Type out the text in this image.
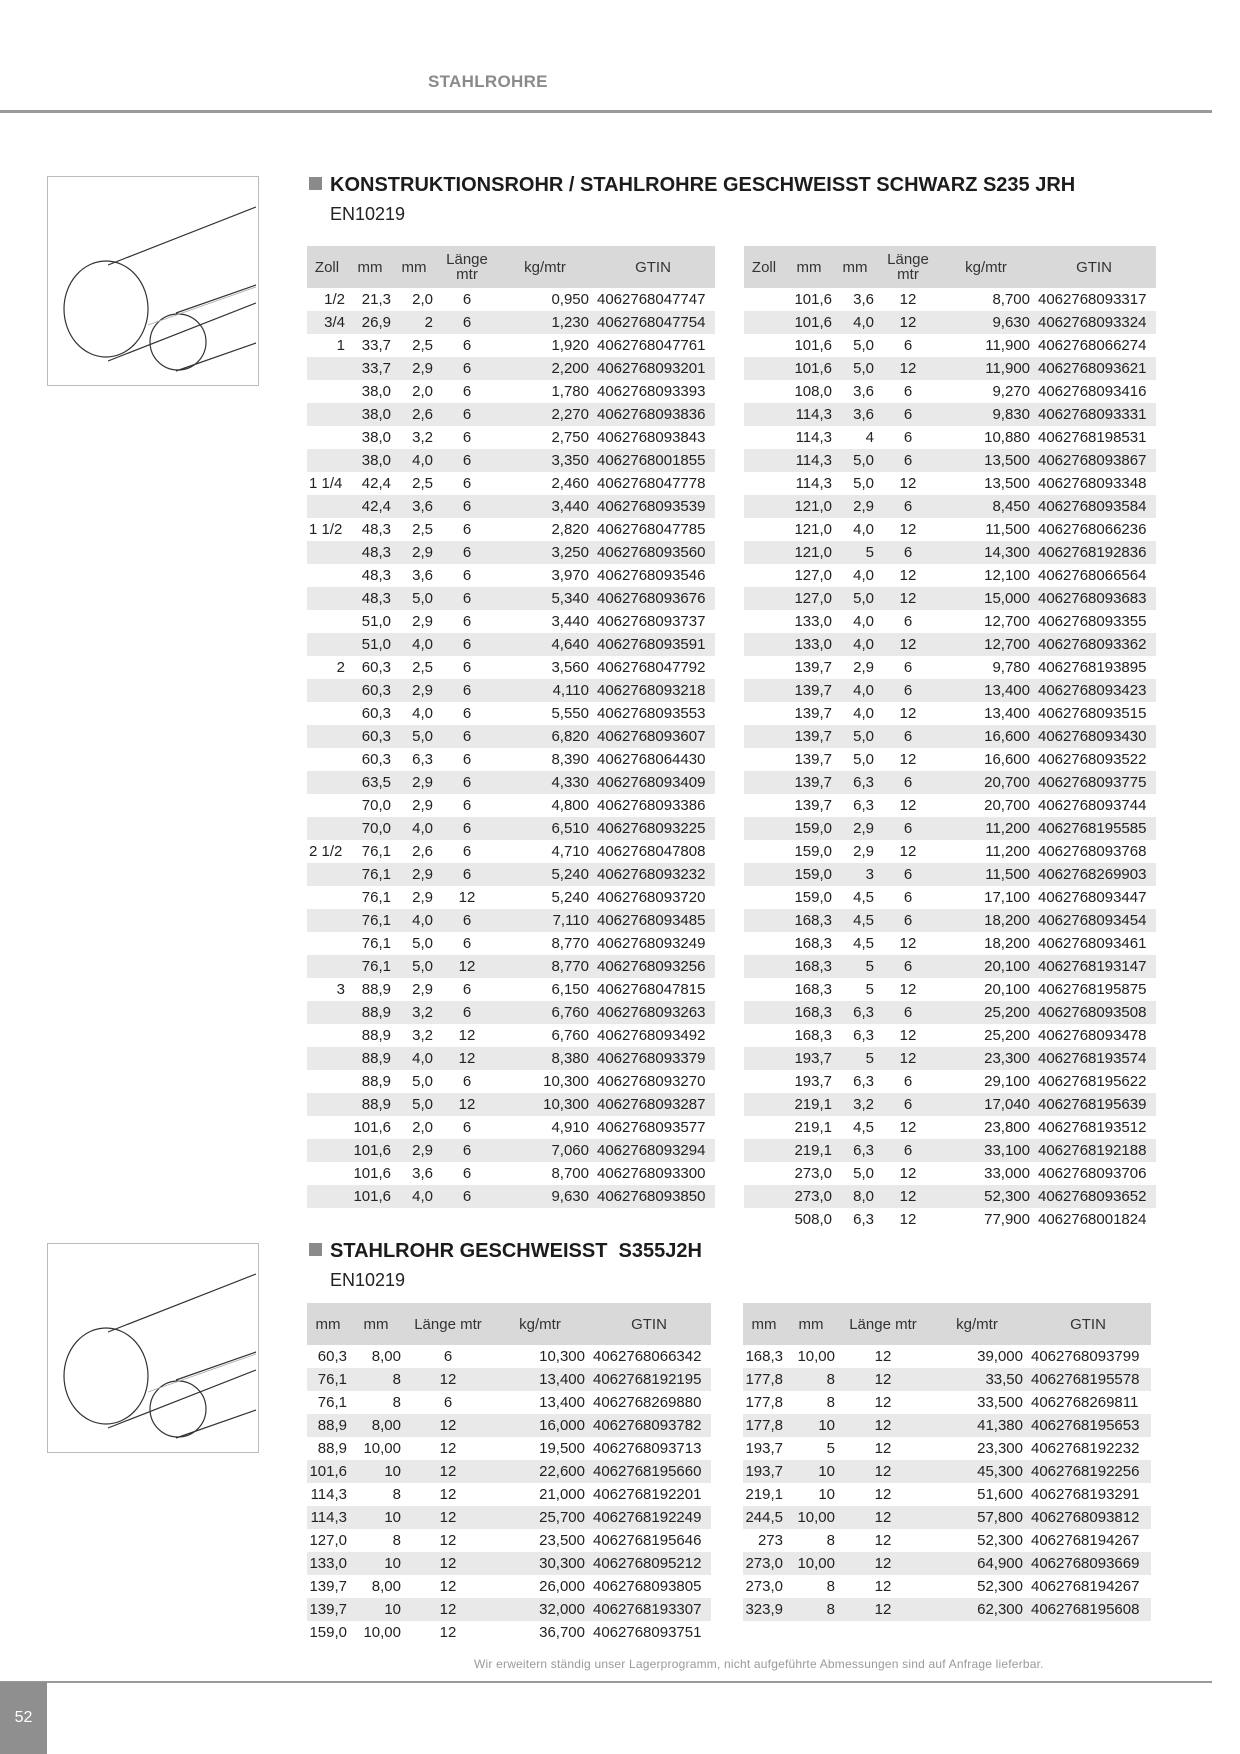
STAHLROHRE
KONSTRUKTIONSROHR / STAHLROHRE GESCHWEISST SCHWARZ S235 JRH
EN10219
Zoll	mm	mm	Länge mtr	kg/mtr	GTIN
1/2	21,3	2,0	6	0,950	4062768047747
3/4	26,9	2	6	1,230	4062768047754
1	33,7	2,5	6	1,920	4062768047761
	33,7	2,9	6	2,200	4062768093201
	38,0	2,0	6	1,780	4062768093393
	38,0	2,6	6	2,270	4062768093836
	38,0	3,2	6	2,750	4062768093843
	38,0	4,0	6	3,350	4062768001855
1 1/4	42,4	2,5	6	2,460	4062768047778
	42,4	3,6	6	3,440	4062768093539
1 1/2	48,3	2,5	6	2,820	4062768047785
	48,3	2,9	6	3,250	4062768093560
	48,3	3,6	6	3,970	4062768093546
	48,3	5,0	6	5,340	4062768093676
	51,0	2,9	6	3,440	4062768093737
	51,0	4,0	6	4,640	4062768093591
2	60,3	2,5	6	3,560	4062768047792
	60,3	2,9	6	4,110	4062768093218
	60,3	4,0	6	5,550	4062768093553
	60,3	5,0	6	6,820	4062768093607
	60,3	6,3	6	8,390	4062768064430
	63,5	2,9	6	4,330	4062768093409
	70,0	2,9	6	4,800	4062768093386
	70,0	4,0	6	6,510	4062768093225
2 1/2	76,1	2,6	6	4,710	4062768047808
	76,1	2,9	6	5,240	4062768093232
	76,1	2,9	12	5,240	4062768093720
	76,1	4,0	6	7,110	4062768093485
	76,1	5,0	6	8,770	4062768093249
	76,1	5,0	12	8,770	4062768093256
3	88,9	2,9	6	6,150	4062768047815
	88,9	3,2	6	6,760	4062768093263
	88,9	3,2	12	6,760	4062768093492
	88,9	4,0	12	8,380	4062768093379
	88,9	5,0	6	10,300	4062768093270
	88,9	5,0	12	10,300	4062768093287
	101,6	2,0	6	4,910	4062768093577
	101,6	2,9	6	7,060	4062768093294
	101,6	3,6	6	8,700	4062768093300
	101,6	4,0	6	9,630	4062768093850
Zoll	mm	mm	Länge mtr	kg/mtr	GTIN
	101,6	3,6	12	8,700	4062768093317
	101,6	4,0	12	9,630	4062768093324
	101,6	5,0	6	11,900	4062768066274
	101,6	5,0	12	11,900	4062768093621
	108,0	3,6	6	9,270	4062768093416
	114,3	3,6	6	9,830	4062768093331
	114,3	4	6	10,880	4062768198531
	114,3	5,0	6	13,500	4062768093867
	114,3	5,0	12	13,500	4062768093348
	121,0	2,9	6	8,450	4062768093584
	121,0	4,0	12	11,500	4062768066236
	121,0	5	6	14,300	4062768192836
	127,0	4,0	12	12,100	4062768066564
	127,0	5,0	12	15,000	4062768093683
	133,0	4,0	6	12,700	4062768093355
	133,0	4,0	12	12,700	4062768093362
	139,7	2,9	6	9,780	4062768193895
	139,7	4,0	6	13,400	4062768093423
	139,7	4,0	12	13,400	4062768093515
	139,7	5,0	6	16,600	4062768093430
	139,7	5,0	12	16,600	4062768093522
	139,7	6,3	6	20,700	4062768093775
	139,7	6,3	12	20,700	4062768093744
	159,0	2,9	6	11,200	4062768195585
	159,0	2,9	12	11,200	4062768093768
	159,0	3	6	11,500	4062768269903
	159,0	4,5	6	17,100	4062768093447
	168,3	4,5	6	18,200	4062768093454
	168,3	4,5	12	18,200	4062768093461
	168,3	5	6	20,100	4062768193147
	168,3	5	12	20,100	4062768195875
	168,3	6,3	6	25,200	4062768093508
	168,3	6,3	12	25,200	4062768093478
	193,7	5	12	23,300	4062768193574
	193,7	6,3	6	29,100	4062768195622
	219,1	3,2	6	17,040	4062768195639
	219,1	4,5	12	23,800	4062768193512
	219,1	6,3	6	33,100	4062768192188
	273,0	5,0	12	33,000	4062768093706
	273,0	8,0	12	52,300	4062768093652
	508,0	6,3	12	77,900	4062768001824
STAHLROHR GESCHWEISST  S355J2H
EN10219
mm	mm	Länge mtr	kg/mtr	GTIN
60,3	8,00	6	10,300	4062768066342
76,1	8	12	13,400	4062768192195
76,1	8	6	13,400	4062768269880
88,9	8,00	12	16,000	4062768093782
88,9	10,00	12	19,500	4062768093713
101,6	10	12	22,600	4062768195660
114,3	8	12	21,000	4062768192201
114,3	10	12	25,700	4062768192249
127,0	8	12	23,500	4062768195646
133,0	10	12	30,300	4062768095212
139,7	8,00	12	26,000	4062768093805
139,7	10	12	32,000	4062768193307
159,0	10,00	12	36,700	4062768093751
mm	mm	Länge mtr	kg/mtr	GTIN
168,3	10,00	12	39,000	4062768093799
177,8	8	12	33,50	4062768195578
177,8	8	12	33,500	4062768269811
177,8	10	12	41,380	4062768195653
193,7	5	12	23,300	4062768192232
193,7	10	12	45,300	4062768192256
219,1	10	12	51,600	4062768193291
244,5	10,00	12	57,800	4062768093812
273	8	12	52,300	4062768194267
273,0	10,00	12	64,900	4062768093669
273,0	8	12	52,300	4062768194267
323,9	8	12	62,300	4062768195608
Wir erweitern ständig unser Lagerprogramm, nicht aufgeführte Abmessungen sind auf Anfrage lieferbar.
52
